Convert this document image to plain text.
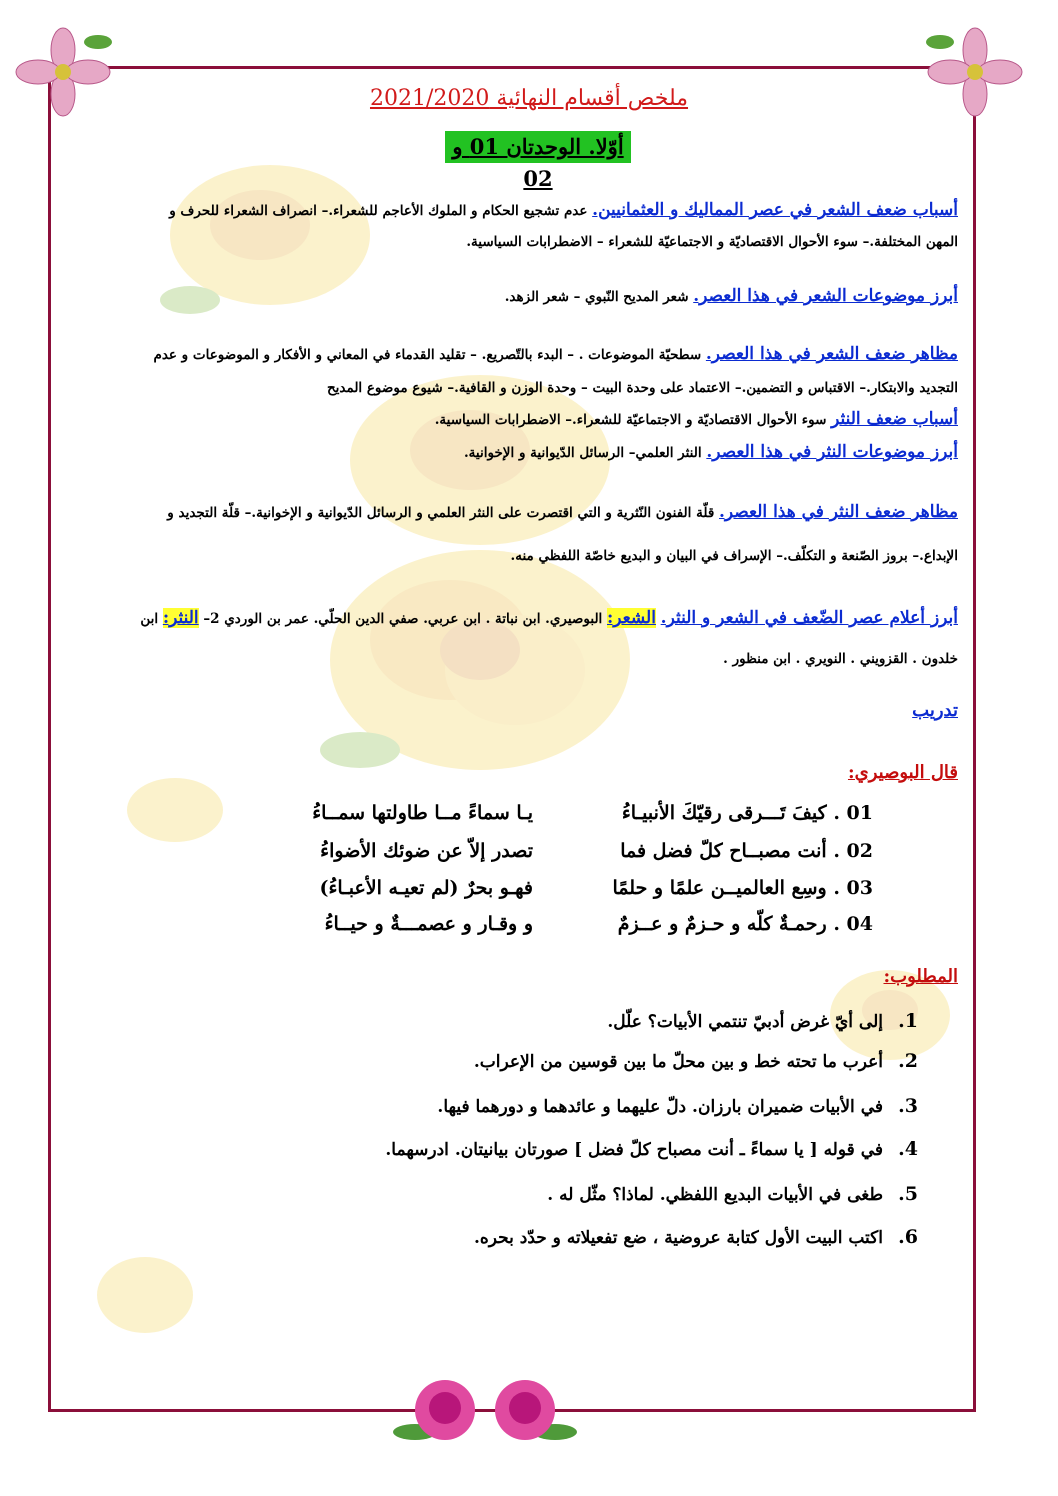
ملخص أقسام النهائية 2021/2020
أوّلا. الوحدتان 01 و 02
أسباب ضعف الشعر في عصر المماليك و العثمانيين. عدم تشجيع الحكام و الملوك الأعاجم للشعراء.– انصراف الشعراء للحرف و
المهن المختلفة.– سوء الأحوال الاقتصاديّة و الاجتماعيّة للشعراء – الاضطرابات السياسية.
أبرز موضوعات الشعر في هذا العصر. شعر المديح النّبوي – شعر الزهد.
مظاهر ضعف الشعر في هذا العصر. سطحيّة الموضوعات . – البدء بالتّصريع. – تقليد القدماء في المعاني و الأفكار و الموضوعات و عدم
التجديد والابتكار.– الاقتباس و التضمين.– الاعتماد على وحدة البيت – وحدة الوزن و القافية.– شيوع موضوع المديح
أسباب ضعف النثر سوء الأحوال الاقتصاديّة و الاجتماعيّة للشعراء.– الاضطرابات السياسية.
أبرز موضوعات النثر في هذا العصر. النثر العلمي– الرسائل الدّيوانية و الإخوانية.
مظاهر ضعف النثر في هذا العصر. قلّة الفنون النّثرية و التي اقتصرت على النثر العلمي و الرسائل الدّيوانية و الإخوانية.– قلّة التجديد و
الإبداع.– بروز الصّنعة و التكلّف.– الإسراف في البيان و البديع خاصّة اللفظي منه.
أبرز أعلام عصر الضّعف في الشعر و النثر. الشعر: البوصيري. ابن نباتة . ابن عربي. صفي الدين الحلّي. عمر بن الوردي 2– النثر: ابن
خلدون . القزويني . النويري . ابن منظور .
تدريب
قال البوصيري:
01 . كيفَ تَـــرقى رقيّكَ الأنبيـاءُ
يـا سماءً مــا طاولتها سمــاءُ
02 . أنت مصبــاح كلّ فضل فما
تصدر إلاّ عن ضوئك الأضواءُ
03 . وسِع العالميــن علمًا و حلمًا
فهـو بحرٌ (لم تعيـه الأعبـاءُ)
04 . رحمـةٌ كلّه و حـزمٌ و عــزمٌ
و وقـار و عصمـــةٌ و حيــاءُ
المطلوب:
1.
إلى أيّ غرض أدبيّ تنتمي الأبيات؟ علّل.
2.
أعرب ما تحته خط و بين محلّ ما بين قوسين من الإعراب.
3.
في الأبيات ضميران بارزان. دلّ عليهما و عائدهما و دورهما فيها.
4.
في قوله [ يا سماءً ـ أنت مصباح كلّ فضل ] صورتان بيانيتان. ادرسهما.
5.
طغى في الأبيات البديع اللفظي. لماذا؟ مثّل له .
6.
اكتب البيت الأول كتابة عروضية ، ضع تفعيلاته و حدّد بحره.
